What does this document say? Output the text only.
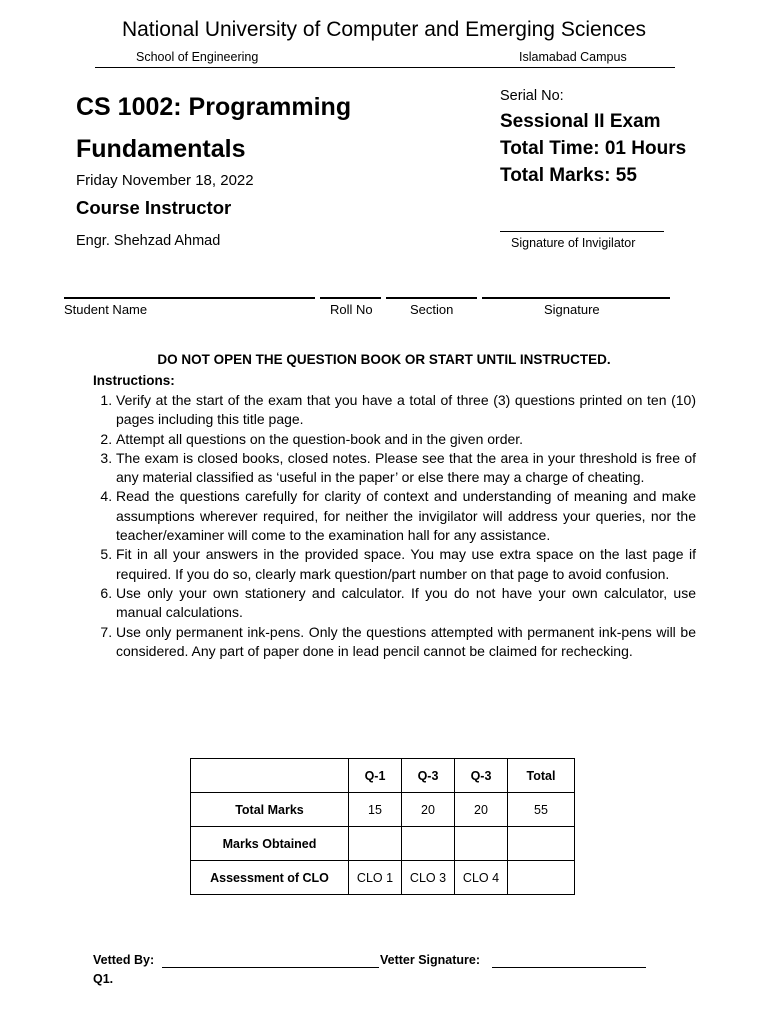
National University of Computer and Emerging Sciences
School of Engineering	Islamabad Campus
CS 1002: Programming
Fundamentals
Friday November 18, 2022
Course Instructor
Engr. Shehzad Ahmad
Serial No:
Sessional II Exam
Total Time: 01 Hours
Total Marks: 55
Signature of Invigilator
Student Name	Roll No	Section	Signature
DO NOT OPEN THE QUESTION BOOK OR START UNTIL INSTRUCTED.
Instructions:
1. Verify at the start of the exam that you have a total of three (3) questions printed on ten (10) pages including this title page.
2. Attempt all questions on the question-book and in the given order.
3. The exam is closed books, closed notes. Please see that the area in your threshold is free of any material classified as ‘useful in the paper’ or else there may a charge of cheating.
4. Read the questions carefully for clarity of context and understanding of meaning and make assumptions wherever required, for neither the invigilator will address your queries, nor the teacher/examiner will come to the examination hall for any assistance.
5. Fit in all your answers in the provided space. You may use extra space on the last page if required. If you do so, clearly mark question/part number on that page to avoid confusion.
6. Use only your own stationery and calculator. If you do not have your own calculator, use manual calculations.
7. Use only permanent ink-pens. Only the questions attempted with permanent ink-pens will be considered. Any part of paper done in lead pencil cannot be claimed for rechecking.
	Q-1	Q-3	Q-3	Total
Total Marks	15	20	20	55
Marks Obtained				
Assessment of CLO	CLO 1	CLO 3	CLO 4	
Vetted By:	Vetter Signature:
Q1.
